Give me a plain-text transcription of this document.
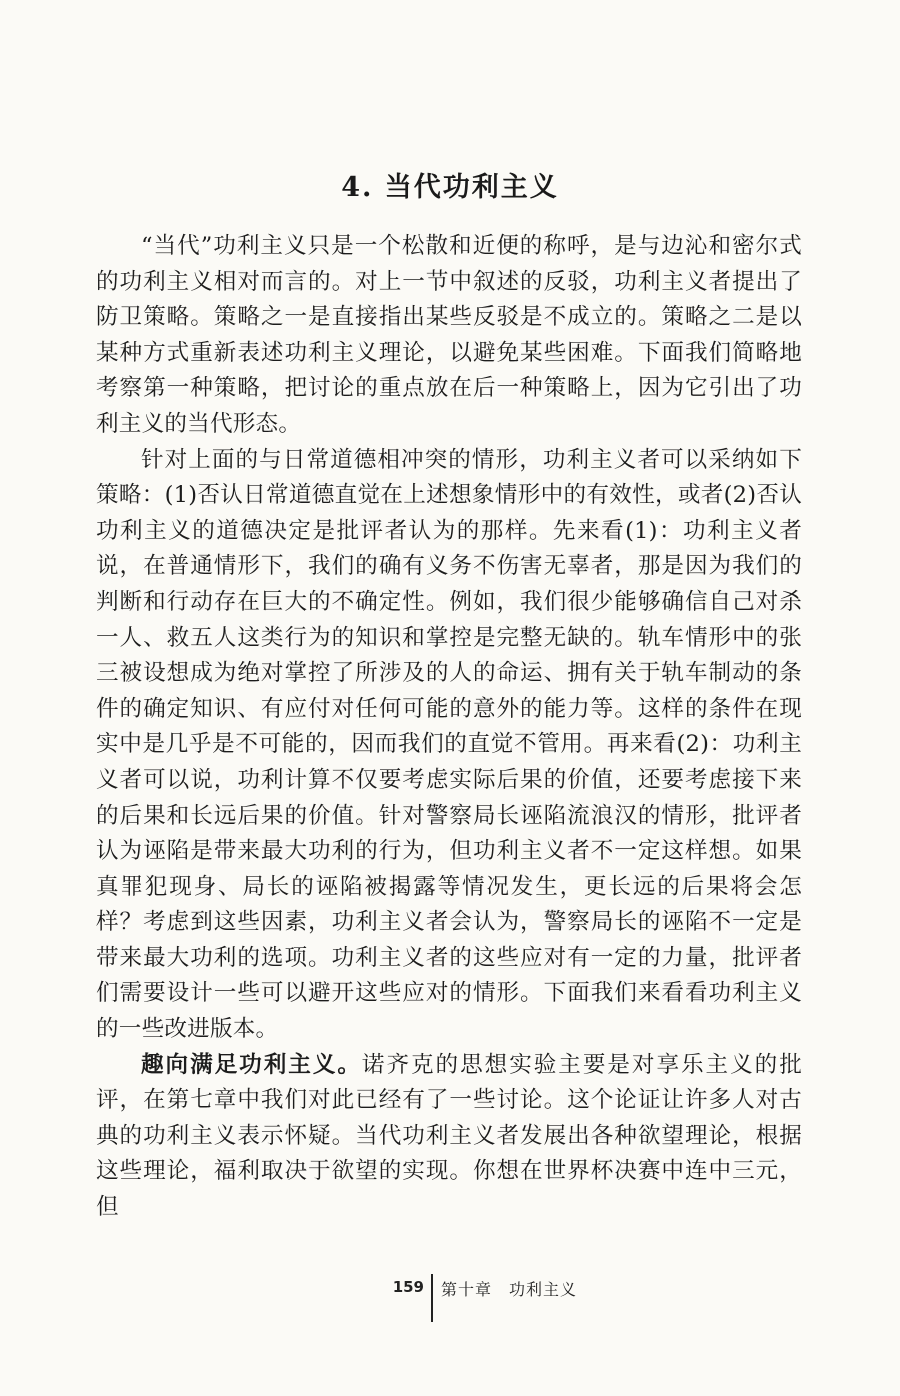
4. 当代功利主义

“当代”功利主义只是一个松散和近便的称呼，是与边沁和密尔式的功利主义相对而言的。对上一节中叙述的反驳，功利主义者提出了防卫策略。策略之一是直接指出某些反驳是不成立的。策略之二是以某种方式重新表述功利主义理论，以避免某些困难。下面我们简略地考察第一种策略，把讨论的重点放在后一种策略上，因为它引出了功利主义的当代形态。

针对上面的与日常道德相冲突的情形，功利主义者可以采纳如下策略：(1)否认日常道德直觉在上述想象情形中的有效性，或者(2)否认功利主义的道德决定是批评者认为的那样。先来看(1)：功利主义者说，在普通情形下，我们的确有义务不伤害无辜者，那是因为我们的判断和行动存在巨大的不确定性。例如，我们很少能够确信自己对杀一人、救五人这类行为的知识和掌控是完整无缺的。轨车情形中的张三被设想成为绝对掌控了所涉及的人的命运、拥有关于轨车制动的条件的确定知识、有应付对任何可能的意外的能力等。这样的条件在现实中是几乎是不可能的，因而我们的直觉不管用。再来看(2)：功利主义者可以说，功利计算不仅要考虑实际后果的价值，还要考虑接下来的后果和长远后果的价值。针对警察局长诬陷流浪汉的情形，批评者认为诬陷是带来最大功利的行为，但功利主义者不一定这样想。如果真罪犯现身、局长的诬陷被揭露等情况发生，更长远的后果将会怎样？考虑到这些因素，功利主义者会认为，警察局长的诬陷不一定是带来最大功利的选项。功利主义者的这些应对有一定的力量，批评者们需要设计一些可以避开这些应对的情形。下面我们来看看功利主义的一些改进版本。

趣向满足功利主义。诺齐克的思想实验主要是对享乐主义的批评，在第七章中我们对此已经有了一些讨论。这个论证让许多人对古典的功利主义表示怀疑。当代功利主义者发展出各种欲望理论，根据这些理论，福利取决于欲望的实现。你想在世界杯决赛中连中三元，但

159 第十章　功利主义
